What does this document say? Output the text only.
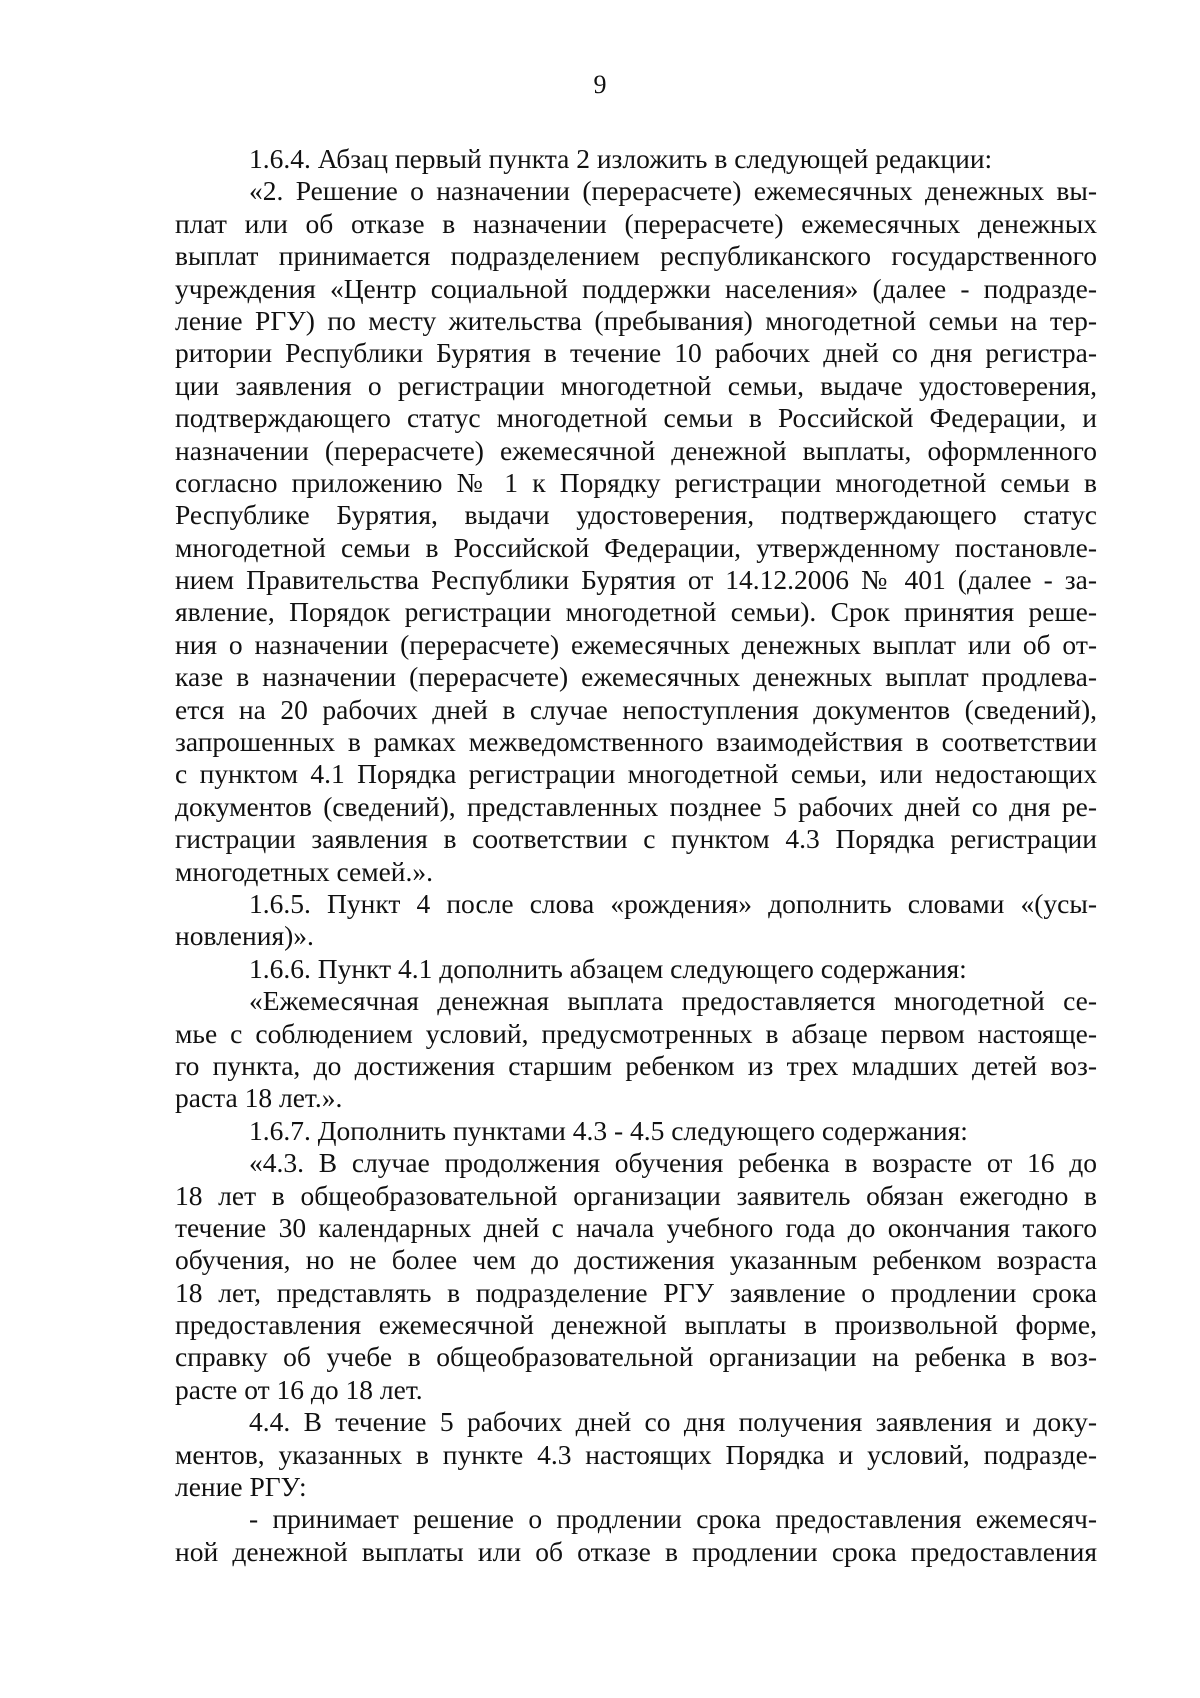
9
1.6.4. Абзац первый пункта 2 изложить в следующей редакции:
«2. Решение о назначении (перерасчете) ежемесячных денежных вы-
плат или об отказе в назначении (перерасчете) ежемесячных денежных
выплат принимается подразделением республиканского государственного
учреждения «Центр социальной поддержки населения» (далее - подразде-
ление РГУ) по месту жительства (пребывания) многодетной семьи на тер-
ритории Республики Бурятия в течение 10 рабочих дней со дня регистра-
ции заявления о регистрации многодетной семьи, выдаче удостоверения,
подтверждающего статус многодетной семьи в Российской Федерации, и
назначении (перерасчете) ежемесячной денежной выплаты, оформленного
согласно приложению № 1 к Порядку регистрации многодетной семьи в
Республике Бурятия, выдачи удостоверения, подтверждающего статус
многодетной семьи в Российской Федерации, утвержденному постановле-
нием Правительства Республики Бурятия от 14.12.2006 № 401 (далее - за-
явление, Порядок регистрации многодетной семьи). Срок принятия реше-
ния о назначении (перерасчете) ежемесячных денежных выплат или об от-
казе в назначении (перерасчете) ежемесячных денежных выплат продлева-
ется на 20 рабочих дней в случае непоступления документов (сведений),
запрошенных в рамках межведомственного взаимодействия в соответствии
с пунктом 4.1 Порядка регистрации многодетной семьи, или недостающих
документов (сведений), представленных позднее 5 рабочих дней со дня ре-
гистрации заявления в соответствии с пунктом 4.3 Порядка регистрации
многодетных семей.».
1.6.5. Пункт 4 после слова «рождения» дополнить словами «(усы-
новления)».
1.6.6. Пункт 4.1 дополнить абзацем следующего содержания:
«Ежемесячная денежная выплата предоставляется многодетной се-
мье с соблюдением условий, предусмотренных в абзаце первом настояще-
го пункта, до достижения старшим ребенком из трех младших детей воз-
раста 18 лет.».
1.6.7. Дополнить пунктами 4.3 - 4.5 следующего содержания:
«4.3. В случае продолжения обучения ребенка в возрасте от 16 до
18 лет в общеобразовательной организации заявитель обязан ежегодно в
течение 30 календарных дней с начала учебного года до окончания такого
обучения, но не более чем до достижения указанным ребенком возраста
18 лет, представлять в подразделение РГУ заявление о продлении срока
предоставления ежемесячной денежной выплаты в произвольной форме,
справку об учебе в общеобразовательной организации на ребенка в воз-
расте от 16 до 18 лет.
4.4. В течение 5 рабочих дней со дня получения заявления и доку-
ментов, указанных в пункте 4.3 настоящих Порядка и условий, подразде-
ление РГУ:
- принимает решение о продлении срока предоставления ежемесяч-
ной денежной выплаты или об отказе в продлении срока предоставления
